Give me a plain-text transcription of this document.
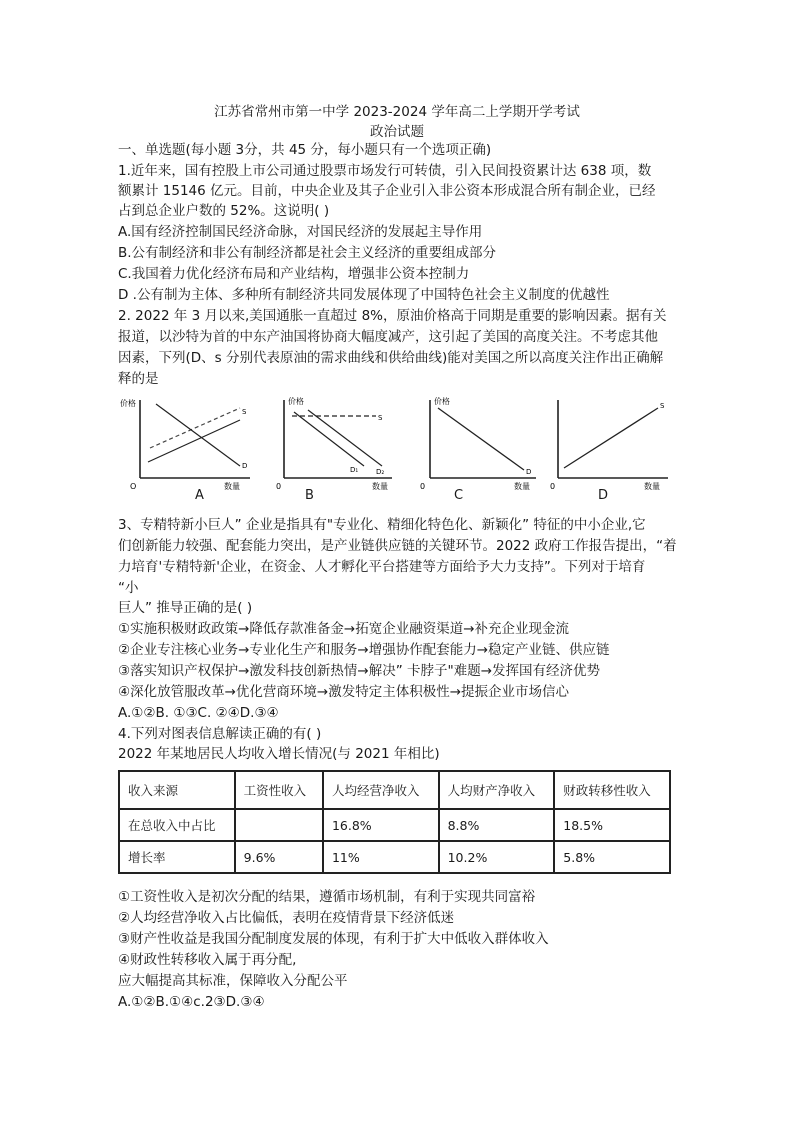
江苏省常州市第一中学 2023-2024 学年高二上学期开学考试
政治试题
一、单选题(每小题 3分，共 45 分，每小题只有一个选项正确)
1.近年来，国有控股上市公司通过股票市场发行可转债，引入民间投资累计达 638 项，数
额累计 15146 亿元。目前，中央企业及其子企业引入非公资本形成混合所有制企业，已经
占到总企业户数的 52%。这说明( )
A.国有经济控制国民经济命脉，对国民经济的发展起主导作用
B.公有制经济和非公有制经济都是社会主义经济的重要组成部分
C.我国着力优化经济布局和产业结构，增强非公资本控制力
D .公有制为主体、多种所有制经济共同发展体现了中国特色社会主义制度的优越性
2. 2022 年 3 月以来,美国通胀一直超过 8%，原油价格高于同期是重要的影响因素。据有关
报道，以沙特为首的中东产油国将协商大幅度减产，这引起了美国的高度关注。不考虑其他
因素，下列(D、s 分别代表原油的需求曲线和供给曲线)能对美国之所以高度关注作出正确解
释的是
价格
数量
O
S
D
A
价格
数量
0
S
D₁	D₂
B
价格
数量
0
D
C
数量
0
S
D
3、专精特新小巨人” 企业是指具有"专业化、精细化特色化、新颖化” 特征的中小企业,它
们创新能力较强、配套能力突出，是产业链供应链的关键环节。2022 政府工作报告提出，“着
力培育'专精特新'企业，在资金、人才孵化平台搭建等方面给予大力支持”。下列对于培育
“小
巨人” 推导正确的是( )
①实施积极财政政策→降低存款准备金→拓宽企业融资渠道→补充企业现金流
②企业专注核心业务→专业化生产和服务→增强协作配套能力→稳定产业链、供应链
③落实知识产权保护→激发科技创新热情→解决” 卡脖子"难题→发挥国有经济优势
④深化放管服改革→优化营商环境→激发特定主体积极性→提振企业市场信心
A.①②B. ①③C. ②④D.③④
4.下列对图表信息解读正确的有( )
2022 年某地居民人均收入增长情况(与 2021 年相比)
收入来源	工资性收入	人均经营净收入	人均财产净收入	财政转移性收入
在总收入中占比		16.8%	8.8%	18.5%
增长率	9.6%	11%	10.2%	5.8%
①工资性收入是初次分配的结果，遵循市场机制，有利于实现共同富裕
②人均经营净收入占比偏低，表明在疫情背景下经济低迷
③财产性收益是我国分配制度发展的体现，有利于扩大中低收入群体收入
④财政性转移收入属于再分配,
应大幅提高其标准，保障收入分配公平
A.①②B.①④c.2③D.③④
